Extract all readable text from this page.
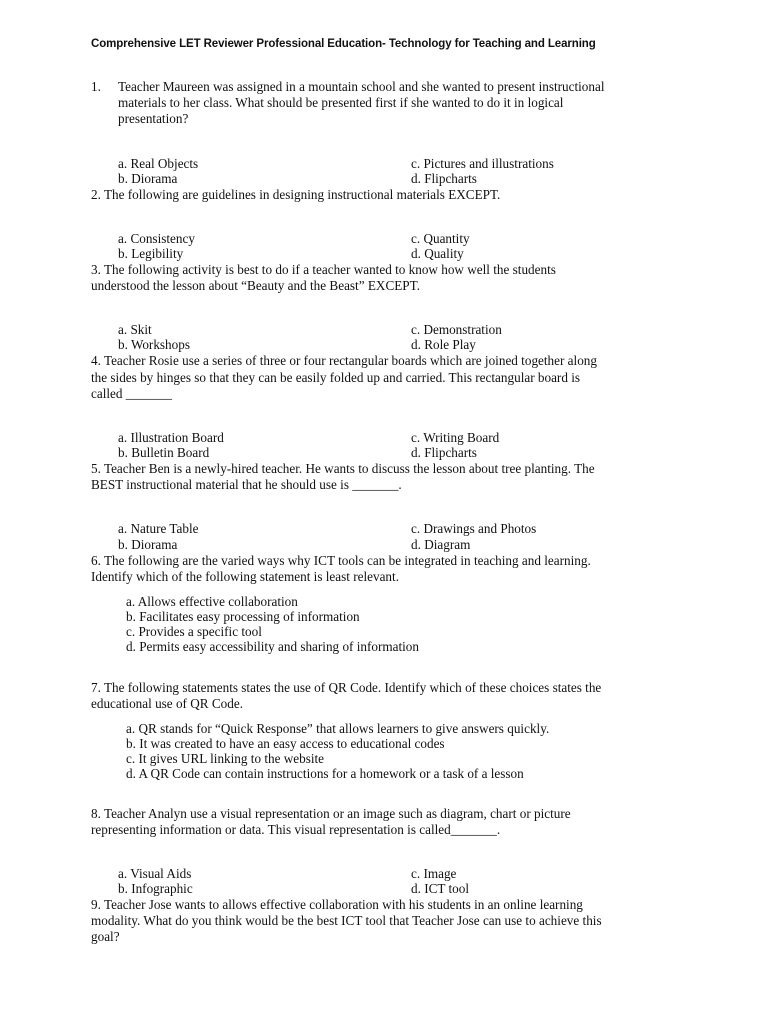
Comprehensive LET Reviewer Professional Education- Technology for Teaching and Learning
1. Teacher Maureen was assigned in a mountain school and she wanted to present instructional
materials to her class. What should be presented first if she wanted to do it in logical
presentation?
a. Real Objects
b. Diorama
c. Pictures and illustrations
d. Flipcharts
2. The following are guidelines in designing instructional materials EXCEPT.
a. Consistency
b. Legibility
c. Quantity
d. Quality
3. The following activity is best to do if a teacher wanted to know how well the students
understood the lesson about “Beauty and the Beast” EXCEPT.
a. Skit
b. Workshops
c. Demonstration
d. Role Play
4. Teacher Rosie use a series of three or four rectangular boards which are joined together along
the sides by hinges so that they can be easily folded up and carried. This rectangular board is
called _______
a. Illustration Board
b. Bulletin Board
c. Writing Board
d. Flipcharts
5. Teacher Ben is a newly-hired teacher. He wants to discuss the lesson about tree planting. The
BEST instructional material that he should use is _______.
a. Nature Table
b. Diorama
c. Drawings and Photos
d. Diagram
6. The following are the varied ways why ICT tools can be integrated in teaching and learning.
Identify which of the following statement is least relevant.
a. Allows effective collaboration
b. Facilitates easy processing of information
c. Provides a specific tool
d. Permits easy accessibility and sharing of information
7. The following statements states the use of QR Code. Identify which of these choices states the
educational use of QR Code.
a. QR stands for “Quick Response” that allows learners to give answers quickly.
b. It was created to have an easy access to educational codes
c. It gives URL linking to the website
d. A QR Code can contain instructions for a homework or a task of a lesson
8. Teacher Analyn use a visual representation or an image such as diagram, chart or picture
representing information or data. This visual representation is called_______.
a. Visual Aids
b. Infographic
c. Image
d. ICT tool
9. Teacher Jose wants to allows effective collaboration with his students in an online learning
modality. What do you think would be the best ICT tool that Teacher Jose can use to achieve this
goal?
